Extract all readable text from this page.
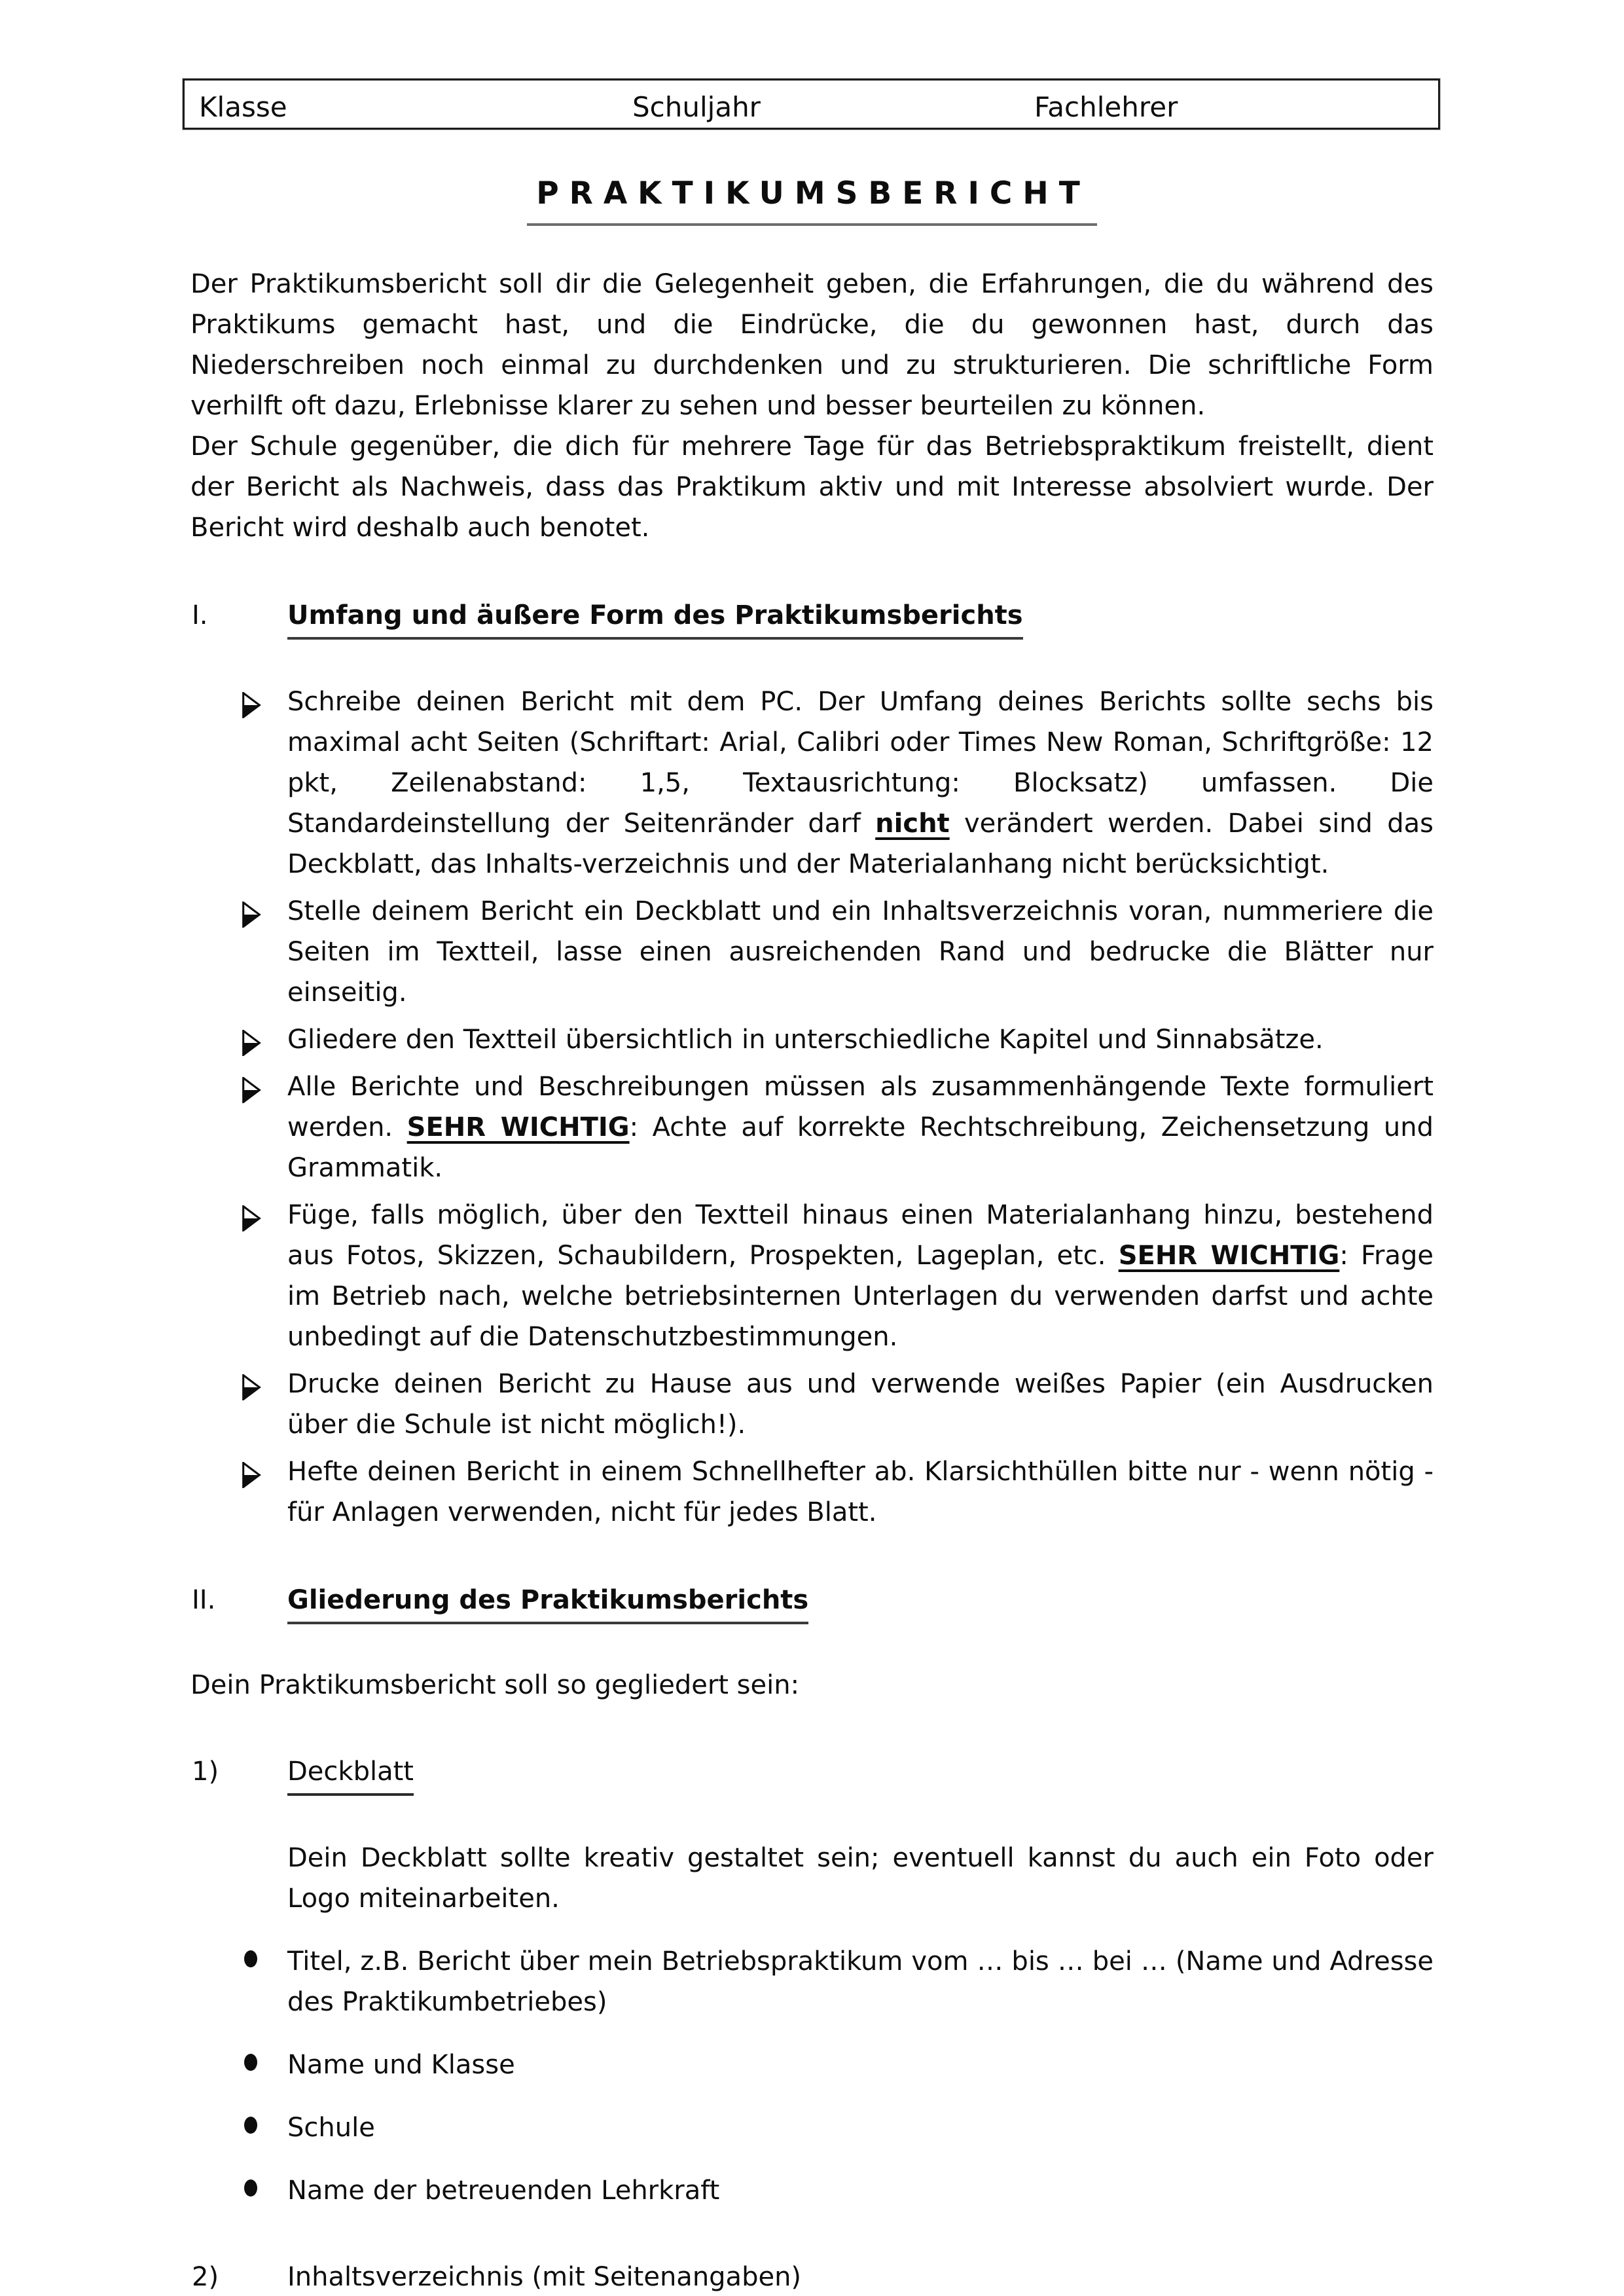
Klasse	Schuljahr	Fachlehrer
PRAKTIKUMSBERICHT

Der Praktikumsbericht soll dir die Gelegenheit geben, die Erfahrungen, die du während des Praktikums gemacht hast, und die Eindrücke, die du gewonnen hast, durch das Niederschreiben noch einmal zu durchdenken und zu strukturieren. Die schriftliche Form verhilft oft dazu, Erlebnisse klarer zu sehen und besser beurteilen zu können.

Der Schule gegenüber, die dich für mehrere Tage für das Betriebspraktikum freistellt, dient der Bericht als Nachweis, dass das Praktikum aktiv und mit Interesse absolviert wurde. Der Bericht wird deshalb auch benotet.

I.	Umfang und äußere Form des Praktikumsberichts
Schreibe deinen Bericht mit dem PC. Der Umfang deines Berichts sollte sechs bis maximal acht Seiten (Schriftart: Arial, Calibri oder Times New Roman, Schriftgröße: 12 pkt, Zeilenabstand: 1,5, Textausrichtung: Blocksatz) umfassen. Die Standardeinstellung der Seitenränder darf nicht verändert werden. Dabei sind das Deckblatt, das Inhalts-verzeichnis und der Materialanhang nicht berücksichtigt.
Stelle deinem Bericht ein Deckblatt und ein Inhaltsverzeichnis voran, nummeriere die Seiten im Textteil, lasse einen ausreichenden Rand und bedrucke die Blätter nur einseitig.
Gliedere den Textteil übersichtlich in unterschiedliche Kapitel und Sinnabsätze.
Alle Berichte und Beschreibungen müssen als zusammenhängende Texte formuliert werden. SEHR WICHTIG: Achte auf korrekte Rechtschreibung, Zeichensetzung und Grammatik.
Füge, falls möglich, über den Textteil hinaus einen Materialanhang hinzu, bestehend aus Fotos, Skizzen, Schaubildern, Prospekten, Lageplan, etc. SEHR WICHTIG: Frage im Betrieb nach, welche betriebsinternen Unterlagen du verwenden darfst und achte unbedingt auf die Datenschutzbestimmungen.
Drucke deinen Bericht zu Hause aus und verwende weißes Papier (ein Ausdrucken über die Schule ist nicht möglich!).
Hefte deinen Bericht in einem Schnellhefter ab. Klarsichthüllen bitte nur - wenn nötig - für Anlagen verwenden, nicht für jedes Blatt.
II.	Gliederung des Praktikumsberichts

Dein Praktikumsbericht soll so gegliedert sein:

1)	Deckblatt

Dein Deckblatt sollte kreativ gestaltet sein; eventuell kannst du auch ein Foto oder Logo miteinarbeiten.

Titel, z.B. Bericht über mein Betriebspraktikum vom … bis … bei … (Name und Adresse des Praktikumbetriebes)
Name und Klasse
Schule
Name der betreuenden Lehrkraft
2)	Inhaltsverzeichnis (mit Seitenangaben)
